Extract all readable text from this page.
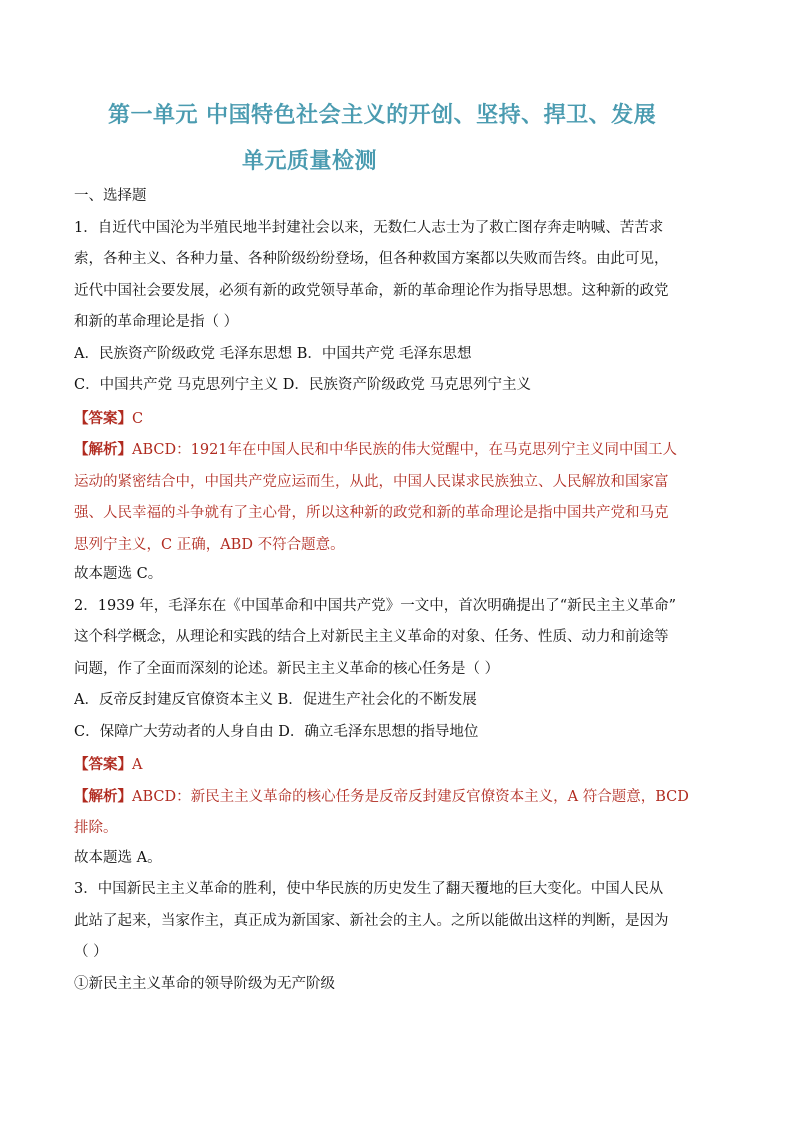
第一单元 中国特色社会主义的开创、坚持、捍卫、发展
单元质量检测
一、选择题
1．自近代中国沦为半殖民地半封建社会以来，无数仁人志士为了救亡图存奔走呐喊、苦苦求
索，各种主义、各种力量、各种阶级纷纷登场，但各种救国方案都以失败而告终。由此可见，
近代中国社会要发展，必须有新的政党领导革命，新的革命理论作为指导思想。这种新的政党
和新的革命理论是指（ ）
A．民族资产阶级政党 毛泽东思想 B．中国共产党 毛泽东思想
C．中国共产党 马克思列宁主义 D．民族资产阶级政党 马克思列宁主义
【答案】C
【解析】ABCD：1921年在中国人民和中华民族的伟大觉醒中，在马克思列宁主义同中国工人
运动的紧密结合中，中国共产党应运而生，从此，中国人民谋求民族独立、人民解放和国家富
强、人民幸福的斗争就有了主心骨，所以这种新的政党和新的革命理论是指中国共产党和马克
思列宁主义，C 正确，ABD 不符合题意。
故本题选 C。
2．1939 年，毛泽东在《中国革命和中国共产党》一文中，首次明确提出了“新民主主义革命”
这个科学概念，从理论和实践的结合上对新民主主义革命的对象、任务、性质、动力和前途等
问题，作了全面而深刻的论述。新民主主义革命的核心任务是（ ）
A．反帝反封建反官僚资本主义 B．促进生产社会化的不断发展
C．保障广大劳动者的人身自由 D．确立毛泽东思想的指导地位
【答案】A
【解析】ABCD：新民主主义革命的核心任务是反帝反封建反官僚资本主义，A 符合题意，BCD
排除。
故本题选 A。
3．中国新民主主义革命的胜利，使中华民族的历史发生了翻天覆地的巨大变化。中国人民从
此站了起来，当家作主，真正成为新国家、新社会的主人。之所以能做出这样的判断，是因为
（ ）
①新民主主义革命的领导阶级为无产阶级
